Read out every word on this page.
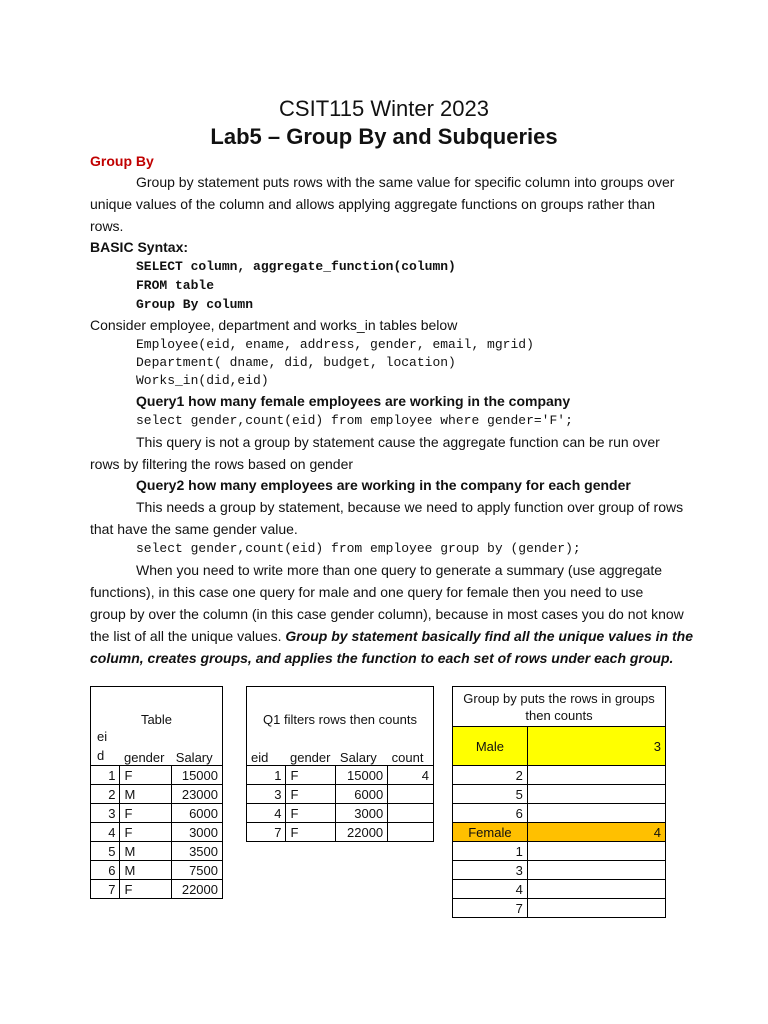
CSIT115 Winter 2023
Lab5 – Group By and Subqueries
Group By
Group by statement puts rows with the same value for specific column into groups over
unique values of the column and allows applying aggregate functions on groups rather than
rows.
BASIC Syntax:
SELECT column, aggregate_function(column)
FROM table
Group By column
Consider employee, department and works_in tables below
Employee(eid, ename, address, gender, email, mgrid)
Department( dname, did, budget, location)
Works_in(did,eid)
Query1 how many female employees are working in the company
select gender,count(eid) from employee where gender='F';
This query is not a group by statement cause the aggregate function can be run over
rows by filtering the rows based on gender
Query2 how many employees are working in the company for each gender
This needs a group by statement, because we need to apply function over group of rows
that have the same gender value.
select gender,count(eid) from employee group by (gender);
When you need to write more than one query to generate a summary (use aggregate
functions), in this case one query for male and one query for female then you need to use
group by over the column (in this case gender column), because in most cases you do not know
the list of all the unique values. Group by statement basically find all the unique values in the
column, creates groups, and applies the function to each set of rows under each group.
Table		
ei
d	gender	Salary
1	F	15000
2	M	23000
3	F	6000
4	F	3000
5	M	3500
6	M	7500
7	F	22000
Q1 filters rows then counts			
eid	gender	Salary	count
1	F	15000	4
3	F	6000	
4	F	3000	
7	F	22000	
Group by puts the rows in groups
then counts	
Male	3
2	
5	
6	
Female	4
1	
3	
4	
7	
